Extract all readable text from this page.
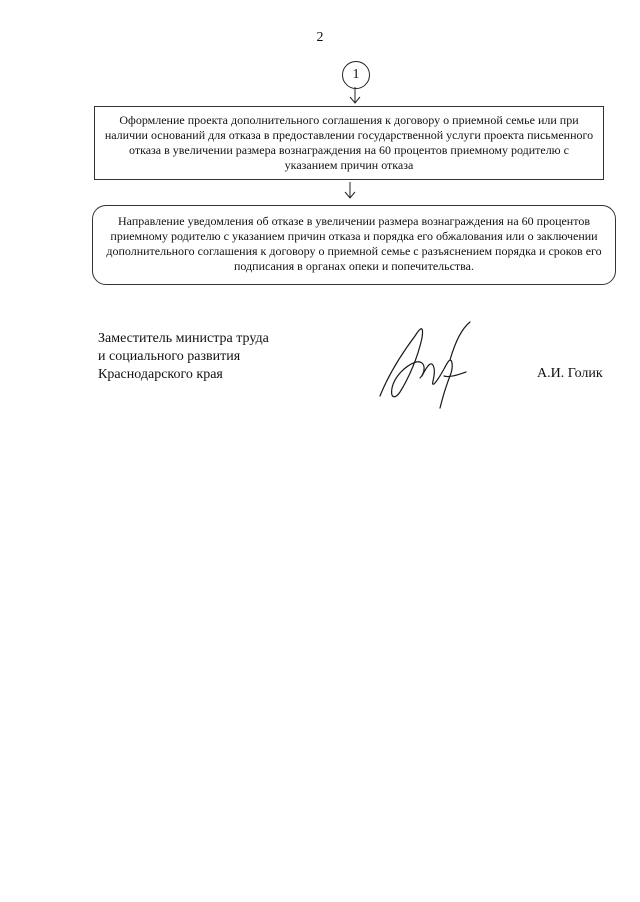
2
1
Оформление проекта дополнительного соглашения к договору о приемной семье или при наличии оснований для отказа в предоставлении государственной услуги проекта письменного отказа в увеличении размера вознаграждения на 60 процентов приемному родителю с указанием причин отказа
Направление уведомления об отказе в увеличении размера вознаграждения на 60 процентов приемному родителю с указанием причин отказа и порядка его обжалования или о заключении дополнительного соглашения к договору о приемной семье с разъяснением порядка и сроков его подписания в органах опеки и попечительства.
Заместитель министра труда
и социального развития
Краснодарского края	А.И. Голик
